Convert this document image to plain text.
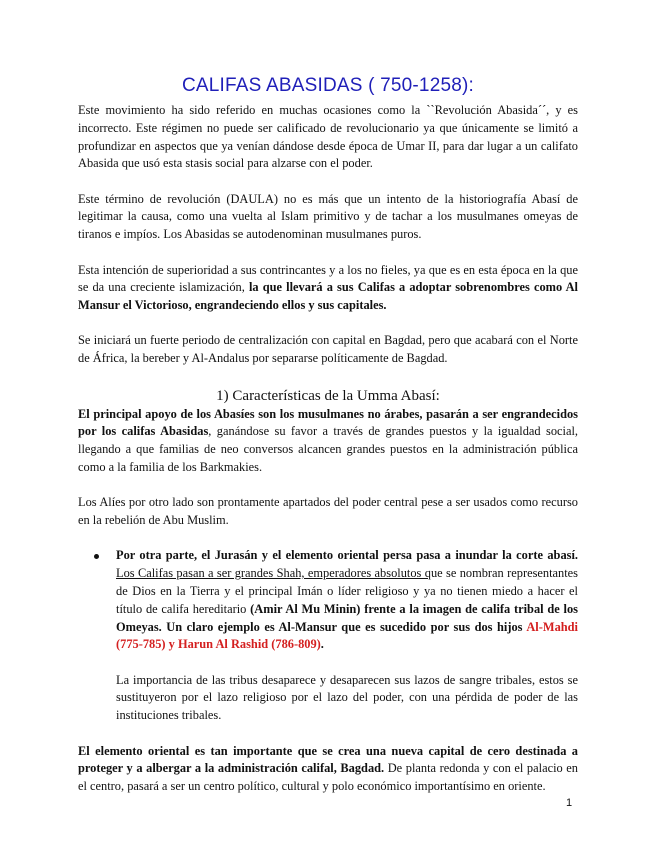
CALIFAS ABASIDAS ( 750-1258):

Este movimiento ha sido referido en muchas ocasiones como la ``Revolución Abasida´´, y es incorrecto. Este régimen no puede ser calificado de revolucionario ya que únicamente se limitó a profundizar en aspectos que ya venían dándose desde época de Umar II, para dar lugar a un califato Abasida que usó esta stasis social para alzarse con el poder.

Este término de revolución (DAULA) no es más que un intento de la historiografía Abasí de legitimar la causa, como una vuelta al Islam primitivo y de tachar a los musulmanes omeyas de tiranos e impíos. Los Abasidas se autodenominan musulmanes puros.

Esta intención de superioridad a sus contrincantes y a los no fieles, ya que es en esta época en la que se da una creciente islamización, la que llevará a sus Califas a adoptar sobrenombres como Al Mansur el Victorioso, engrandeciendo ellos y sus capitales.

Se iniciará un fuerte periodo de centralización con capital en Bagdad, pero que acabará con el Norte de África, la bereber y Al-Andalus por separarse políticamente de Bagdad.

1) Características de la Umma Abasí:

El principal apoyo de los Abasíes son los musulmanes no árabes, pasarán a ser engrandecidos por los califas Abasidas, ganándose su favor a través de grandes puestos y la igualdad social, llegando a que familias de neo conversos alcancen grandes puestos en la administración pública como a la familia de los Barkmakies.

Los Alíes por otro lado son prontamente apartados del poder central pese a ser usados como recurso en la rebelión de Abu Muslim.

Por otra parte, el Jurasán y el elemento oriental persa pasa a inundar la corte abasí. Los Califas pasan a ser grandes Shah, emperadores absolutos que se nombran representantes de Dios en la Tierra y el principal Imán o líder religioso y ya no tienen miedo a hacer el título de califa hereditario (Amir Al Mu Minin) frente a la imagen de califa tribal de los Omeyas. Un claro ejemplo es Al-Mansur que es sucedido por sus dos hijos Al-Mahdi (775-785) y Harun Al Rashid (786-809).

La importancia de las tribus desaparece y desaparecen sus lazos de sangre tribales, estos se sustituyeron por el lazo religioso por el lazo del poder, con una pérdida de poder de las instituciones tribales.

El elemento oriental es tan importante que se crea una nueva capital de cero destinada a proteger y a albergar a la administración califal, Bagdad. De planta redonda y con el palacio en el centro, pasará a ser un centro político, cultural y polo económico importantísimo en oriente.

1
